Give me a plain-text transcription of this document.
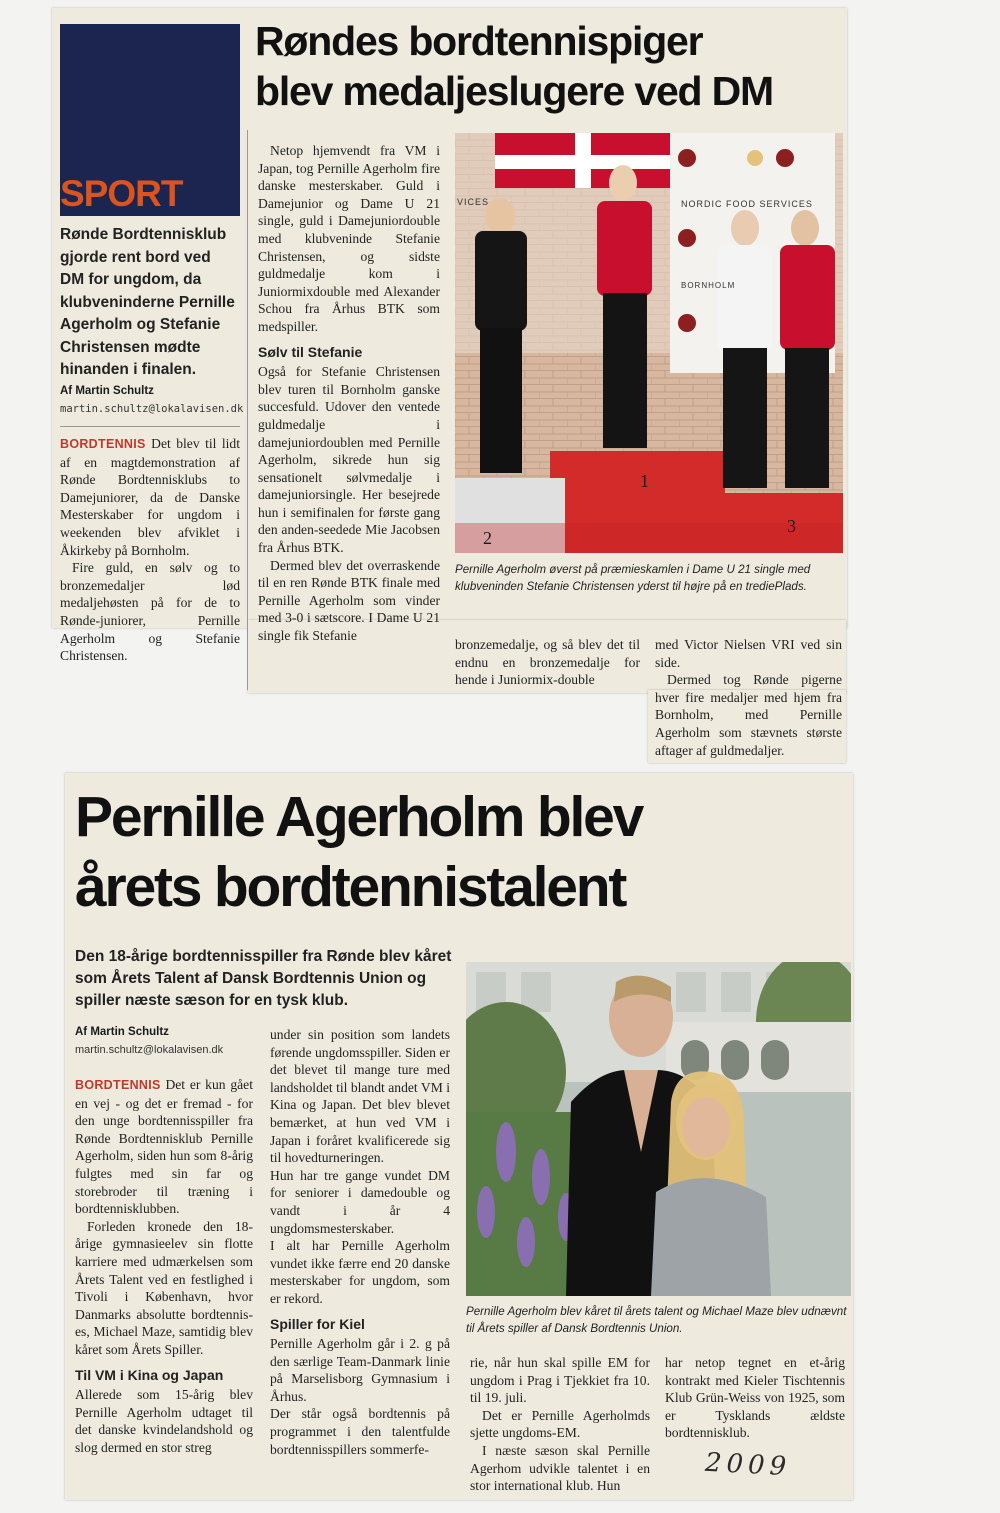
SPORT
Røndes bordtennispiger
blev medaljeslugere ved DM
Rønde Bordtennisklub gjorde rent bord ved DM for ungdom, da klubveninderne Pernille Agerholm og Stefanie Christensen mødte hinanden i finalen.
Af Martin Schultz
martin.schultz@lokalavisen.dk

BORDTENNIS Det blev til lidt af en magtdemonstration af Rønde Bordtennisklubs to Damejuniorer, da de Danske Mesterskaber for ungdom i weekenden blev afviklet i Åkirkeby på Bornholm.

Fire guld, en sølv og to bronzemedaljer lød medaljehøsten på for de to Rønde-juniorer, Pernille Agerholm og Stefanie Christensen.

Netop hjemvendt fra VM i Japan, tog Pernille Agerholm fire danske mesterskaber. Guld i Damejunior og Dame U 21 single, guld i Damejuniordouble med klubveninde Stefanie Christensen, og sidste guldmedalje kom i Juniormixdouble med Alexander Schou fra Århus BTK som medspiller.

Sølv til Stefanie

Også for Stefanie Christensen blev turen til Bornholm ganske succesfuld. Udover den ventede guldmedalje i damejuniordoublen med Pernille Agerholm, sikrede hun sig sensationelt sølvmedalje i damejuniorsingle. Her besejrede hun i semifinalen for første gang den anden-seedede Mie Jacobsen fra Århus BTK.

Dermed blev det overraskende til en ren Rønde BTK finale med Pernille Agerholm som vinder med 3-0 i sætscore. I Dame U 21 single fik Stefanie

2
1
3
NORDIC FOOD SERVICES
VICES
BORNHOLM
Pernille Agerholm øverst på præmieskamlen i Dame U 21 single med klubveninden Stefanie Christensen yderst til højre på en trediePlads.

bronzemedalje, og så blev det til endnu en bronzemedalje for hende i Juniormix-double

med Victor Nielsen VRI ved sin side.

Dermed tog Rønde pigerne hver fire medaljer med hjem fra Bornholm, med Pernille Agerholm som stævnets største aftager af guldmedaljer.

Pernille Agerholm blev
årets bordtennistalent
Den 18-årige bordtennisspiller fra Rønde blev kåret som Årets Talent af Dansk Bordtennis Union og spiller næste sæson for en tysk klub.
Af Martin Schultz
martin.schultz@lokalavisen.dk

BORDTENNIS Det er kun gået en vej - og det er fremad - for den unge bordtennisspiller fra Rønde Bordtennisklub Pernille Agerholm, siden hun som 8-årig fulgtes med sin far og storebroder til træning i bordtennisklubben.

Forleden kronede den 18-årige gymnasieelev sin flotte karriere med udmærkelsen som Årets Talent ved en festlighed i Tivoli i København, hvor Danmarks absolutte bordtennis-es, Michael Maze, samtidig blev kåret som Årets Spiller.

Til VM i Kina og Japan

Allerede som 15-årig blev Pernille Agerholm udtaget til det danske kvindelandshold og slog dermed en stor streg

under sin position som landets førende ungdomsspiller. Siden er det blevet til mange ture med landsholdet til blandt andet VM i Kina og Japan. Det blev blevet bemærket, at hun ved VM i Japan i foråret kvalificerede sig til hovedturneringen.

Hun har tre gange vundet DM for seniorer i damedouble og vandt i år 4 ungdomsmesterskaber.

I alt har Pernille Agerholm vundet ikke færre end 20 danske mesterskaber for ungdom, som er rekord.

Spiller for Kiel

Pernille Agerholm går i 2. g på den særlige Team-Danmark linie på Marselisborg Gymnasium i Århus.

Der står også bordtennis på programmet i den talentfulde bordtennisspillers sommerfe-

Pernille Agerholm blev kåret til årets talent og Michael Maze blev udnævnt til Årets spiller af Dansk Bordtennis Union.

rie, når hun skal spille EM for ungdom i Prag i Tjekkiet fra 10. til 19. juli.

Det er Pernille Agerholmds sjette ungdoms-EM.

I næste sæson skal Pernille Agerhom udvikle talentet i en stor international klub. Hun

har netop tegnet en et-årig kontrakt med Kieler Tischtennis Klub Grün-Weiss von 1925, som er Tysklands ældste bordtennisklub.

2009
